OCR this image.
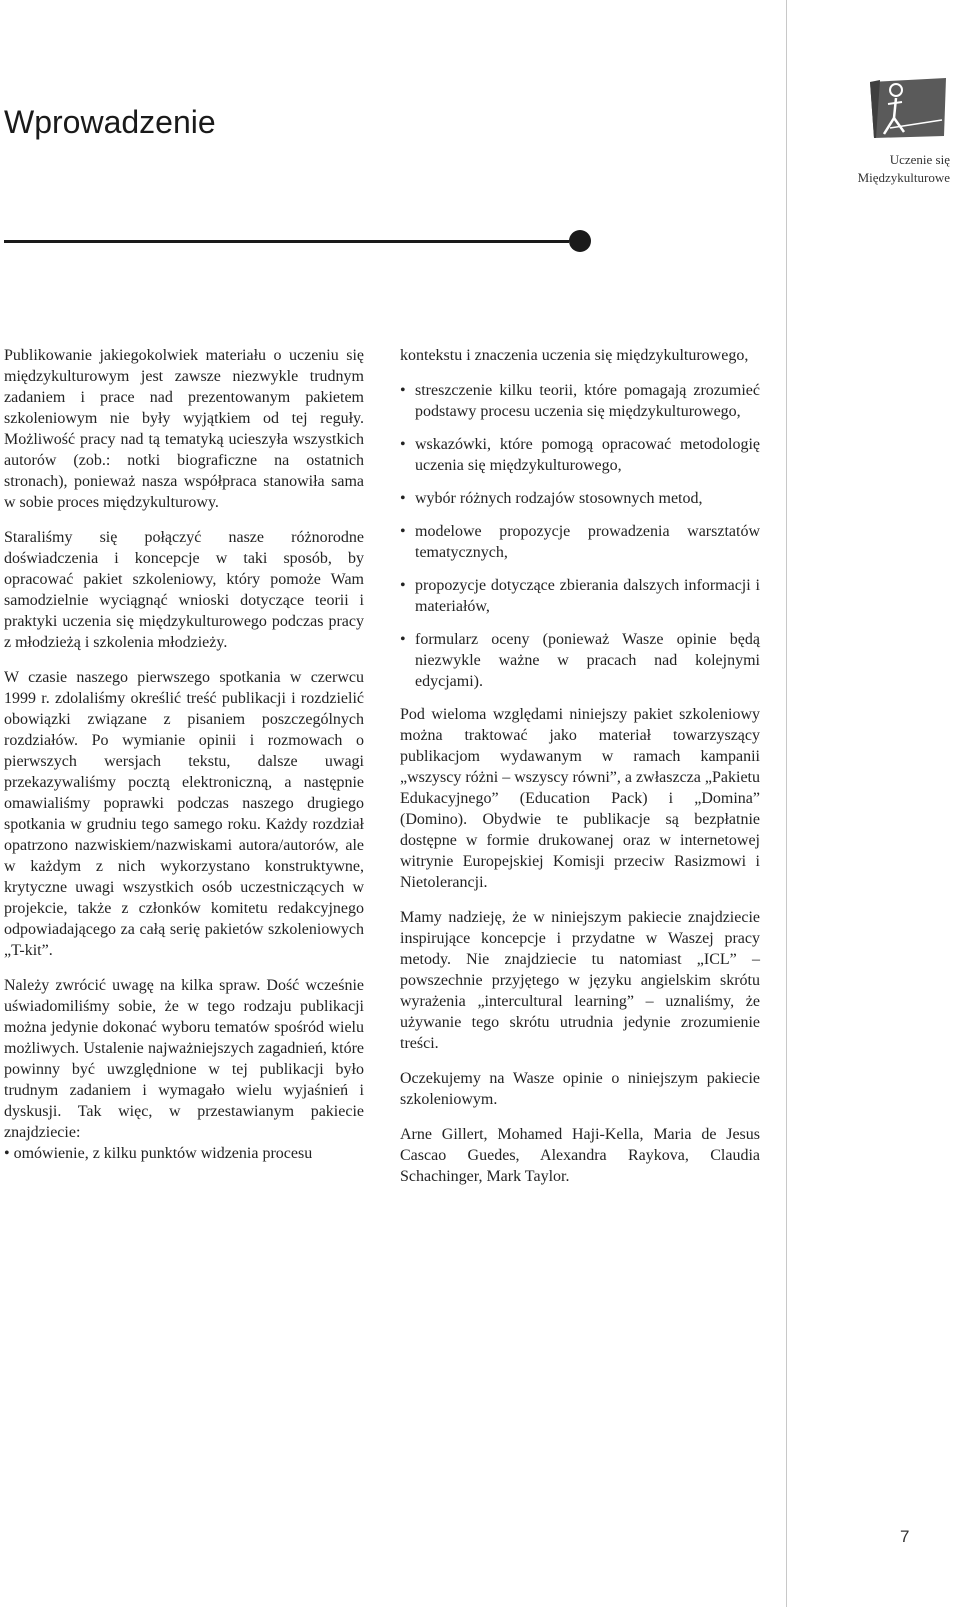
Wprowadzenie
Uczenie się
Międzykulturowe

Publikowanie jakiegokolwiek materiału o uczeniu się międzykulturowym jest zawsze niezwykle trudnym zadaniem i prace nad prezentowanym pakietem szkoleniowym nie były wyjątkiem od tej reguły. Możliwość pracy nad tą tematyką ucieszyła wszystkich autorów (zob.: notki biograficzne na ostatnich stronach), ponieważ nasza współpraca stanowiła sama w sobie proces międzykulturowy.

Staraliśmy się połączyć nasze różnorodne doświadczenia i koncepcje w taki sposób, by opracować pakiet szkoleniowy, który pomoże Wam samodzielnie wyciągnąć wnioski dotyczące teorii i praktyki uczenia się międzykulturowego podczas pracy z młodzieżą i szkolenia młodzieży.

W czasie naszego pierwszego spotkania w czerwcu 1999 r. zdolaliśmy określić treść publikacji i rozdzielić obowiązki związane z pisaniem poszczególnych rozdziałów. Po wymianie opinii i rozmowach o pierwszych wersjach tekstu, dalsze uwagi przekazywaliśmy pocztą elektroniczną, a następnie omawialiśmy poprawki podczas naszego drugiego spotkania w grudniu tego samego roku. Każdy rozdział opatrzono nazwiskiem/nazwiskami autora/autorów, ale w każdym z nich wykorzystano konstruktywne, krytyczne uwagi wszystkich osób uczestniczących w projekcie, także z członków komitetu redakcyjnego odpowiadającego za całą serię pakietów szkoleniowych „T-kit”.

Należy zwrócić uwagę na kilka spraw. Dość wcześnie uświadomiliśmy sobie, że w tego rodzaju publikacji można jedynie dokonać wyboru tematów spośród wielu możliwych. Ustalenie najważniejszych zagadnień, które powinny być uwzględnione w tej publikacji było trudnym zadaniem i wymagało wielu wyjaśnień i dyskusji. Tak więc, w przestawianym pakiecie znajdziecie:

• omówienie, z kilku punktów widzenia procesu

kontekstu i znaczenia uczenia się międzykulturowego,

• streszczenie kilku teorii, które pomagają zrozumieć podstawy procesu uczenia się międzykulturowego,
• wskazówki, które pomogą opracować metodologię uczenia się międzykulturowego,
• wybór różnych rodzajów stosownych metod,
• modelowe propozycje prowadzenia warsztatów tematycznych,
• propozycje dotyczące zbierania dalszych informacji i materiałów,
• formularz oceny (ponieważ Wasze opinie będą niezwykle ważne w pracach nad kolejnymi edycjami).

Pod wieloma względami niniejszy pakiet szkoleniowy można traktować jako materiał towarzyszący publikacjom wydawanym w ramach kampanii „wszyscy różni – wszyscy równi”, a zwłaszcza „Pakietu Edukacyjnego” (Education Pack) i „Domina” (Domino). Obydwie te publikacje są bezpłatnie dostępne w formie drukowanej oraz w internetowej witrynie Europejskiej Komisji przeciw Rasizmowi i Nietolerancji.

Mamy nadzieję, że w niniejszym pakiecie znajdziecie inspirujące koncepcje i przydatne w Waszej pracy metody. Nie znajdziecie tu natomiast „ICL” – powszechnie przyjętego w języku angielskim skrótu wyrażenia „intercultural learning” – uznaliśmy, że używanie tego skrótu utrudnia jedynie zrozumienie treści.

Oczekujemy na Wasze opinie o niniejszym pakiecie szkoleniowym.

Arne Gillert, Mohamed Haji-Kella, Maria de Jesus Cascao Guedes, Alexandra Raykova, Claudia Schachinger, Mark Taylor.

7
